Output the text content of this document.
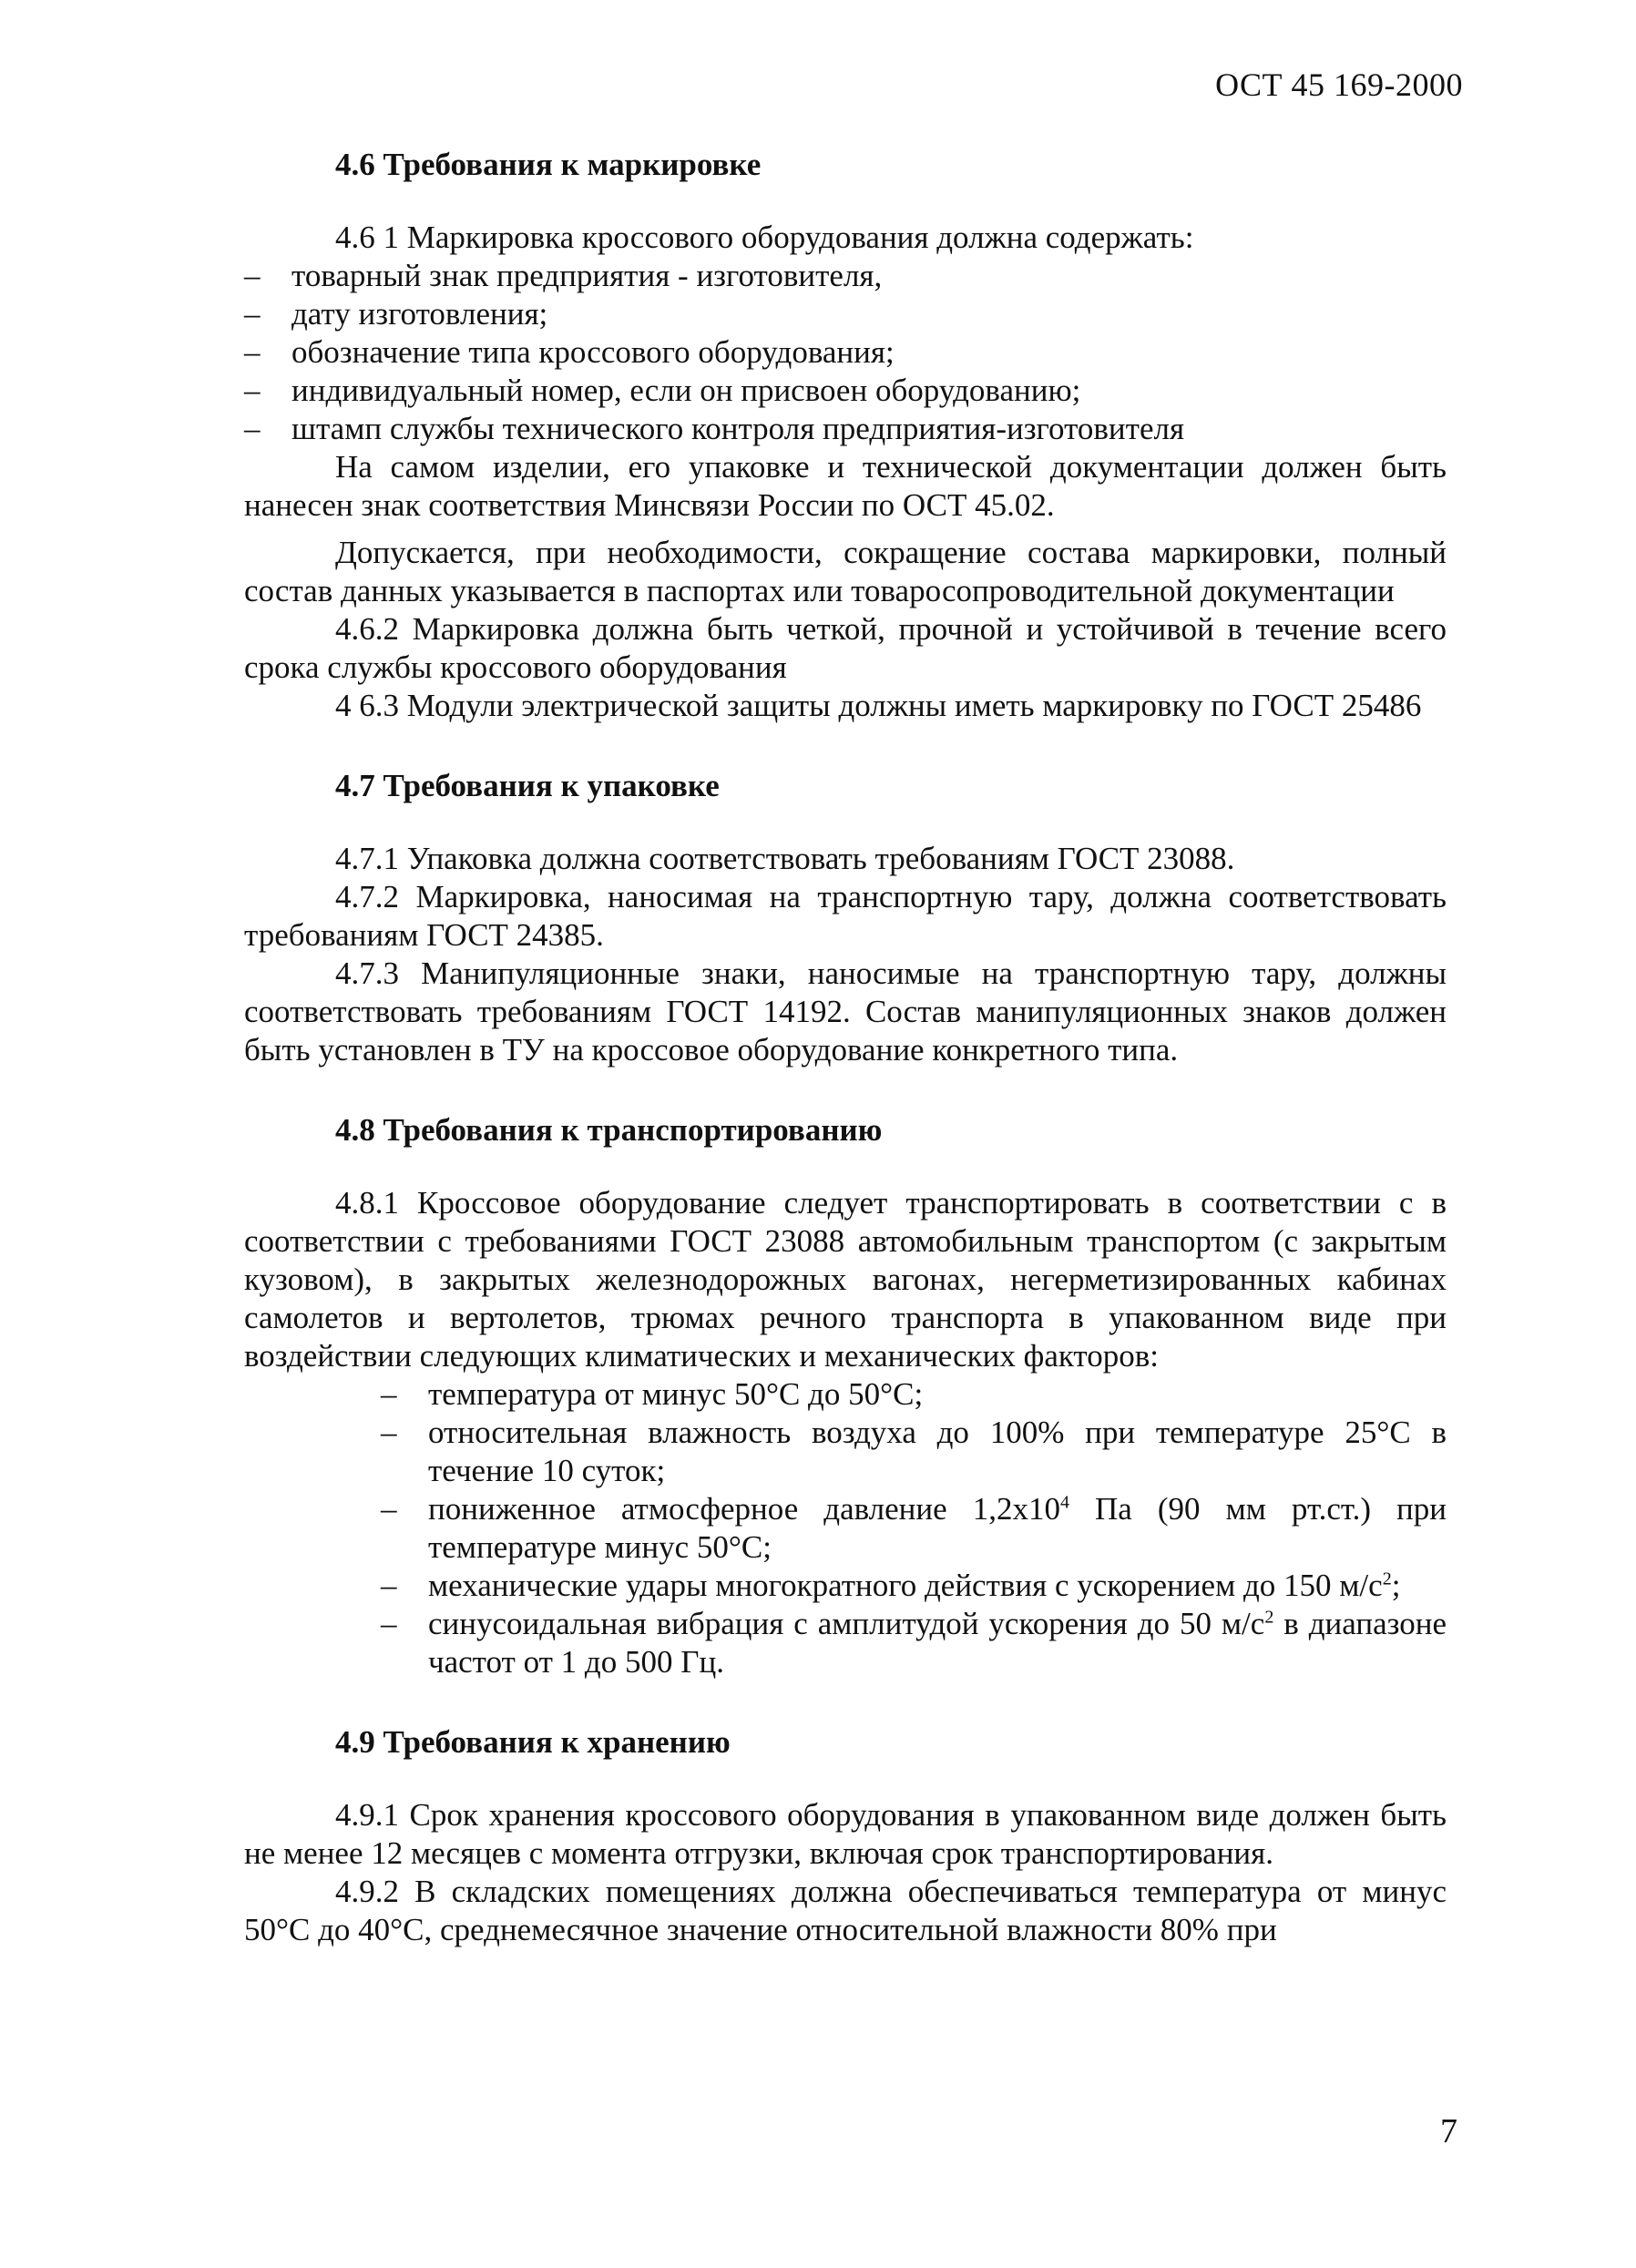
ОСТ 45 169-2000
4.6 Требования к маркировке

4.6 1 Маркировка кроссового оборудования должна содержать:

– товарный знак предприятия - изготовителя,
– дату изготовления;
– обозначение типа кроссового оборудования;
– индивидуальный номер, если он присвоен оборудованию;
– штамп службы технического контроля предприятия-изготовителя

На самом изделии, его упаковке и технической документации должен быть нанесен знак соответствия Минсвязи России по ОСТ 45.02.

Допускается, при необходимости, сокращение состава маркировки, полный состав данных указывается в паспортах или товаросопроводительной документации

4.6.2 Маркировка должна быть четкой, прочной и устойчивой в течение всего срока службы кроссового оборудования

4 6.3 Модули электрической защиты должны иметь маркировку по ГОСТ 25486

4.7 Требования к упаковке

4.7.1 Упаковка должна соответствовать требованиям ГОСТ 23088.

4.7.2 Маркировка, наносимая на транспортную тару, должна соответствовать требованиям ГОСТ 24385.

4.7.3 Манипуляционные знаки, наносимые на транспортную тару, должны соответствовать требованиям ГОСТ 14192. Состав манипуляционных знаков должен быть установлен в ТУ на кроссовое оборудование конкретного типа.

4.8 Требования к транспортированию

4.8.1 Кроссовое оборудование следует транспортировать в соответствии с в соответствии с требованиями ГОСТ 23088 автомобильным транспортом (с закрытым кузовом), в закрытых железнодорожных вагонах, негерметизированных кабинах самолетов и вертолетов, трюмах речного транспорта в упакованном виде при воздействии следующих климатических и механических факторов:

– температура от минус 50°С до 50°С;
– относительная влажность воздуха до 100% при температуре 25°С в течение 10 суток;
– пониженное атмосферное давление $1,2x10^4$ Па (90 мм рт.ст.) при температуре минус 50°С;
– механические удары многократного действия с ускорением до 150 $м/с^2$;
– синусоидальная вибрация с амплитудой ускорения до 50 $м/с^2$ в диапазоне частот от 1 до 500 Гц.
4.9 Требования к хранению

4.9.1 Срок хранения кроссового оборудования в упакованном виде должен быть не менее 12 месяцев с момента отгрузки, включая срок транспортирования.

4.9.2 В складских помещениях должна обеспечиваться температура от минус 50°С до 40°С, среднемесячное значение относительной влажности 80% при

7
